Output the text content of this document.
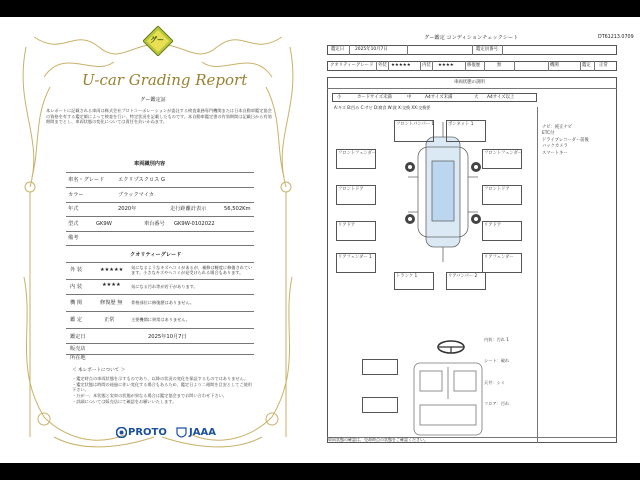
グー
U-car Grading Report
グー鑑定証
本レポートに記載される車両は株式会社プロトコーポレーションが委託する検査業務専門機関または日本自動車鑑定協会の資格を有する鑑定師によって検査を行い、特定状況を記載したものです。本自動車鑑定書の有効期間は記載日から有効期間までとし、車両状態の変化については責任を負いかねます。
車両識別内容
車名・グレード	エクリプスクロス G
カラー	ブラックマイカ
年式	2020年	走行距離計表示	56,502Km
型式	GK9W	車台番号 GK9W-0102022
備考
クオリティーグレード
外 装	★★★★★ 気になるようなキズヘコミがあるが、補修は軽度に修復されています。小さなキズやヘコミが見受けられる場合もあります。
内 装	★★★★ 気になる汚れ等が若干があります。
機 関	修復歴 無 骨格部位に修復歴はありません。
鑑 定	正常	主要機関に異常はありません。
鑑定日	2025年10月7日
販売店
所在地
＜ 本レポートについて ＞
・鑑定時点の車両状態を示すものであり、以降の状況の変化を保証するものではありません。
・鑑定状態は時間の経過に伴い変化する場合もあるため、鑑定日より二週間を目安としてご使用下さい。
・万が一、本状態と実車の状態が異なる場合は鑑定協会までお問い合わせ下さい。
・詳細については販売店にて確認をお願いいたします。
PROTO JAAA
グー鑑定 コンディションチェックシート	DT61213.0709
鑑定日 2025年10月7日	鑑定員番号
クオリティーグレード 外装 ★★★★★	内装 ★★★★	修復歴	無	機関	鑑定 正常
車両状態の説明
小	カードサイズ未満	中	A4サイズ未満	大 A4サイズ以上
A:キズ B:凹み C:サビ D:腐食 W:波 X:交換 XX:交換要
フロントバンパー 1	ボンネット 1
フロントフェンダー
フロントドア
リアドア
リアフェンダー 1
フロントフェンダー
フロントドア
リアドア
リアフェンダー
トランク 1	リアバンパー 2
ナビ：純正ナビ
ETC付
ドライブレコーダー前後
バックカメラ
スマートキー
内装：汚れ 1
シート：破れ
天井：シミ
フロア：汚れ
車両状態の確認は、売却時点の状態をご確認ください。
